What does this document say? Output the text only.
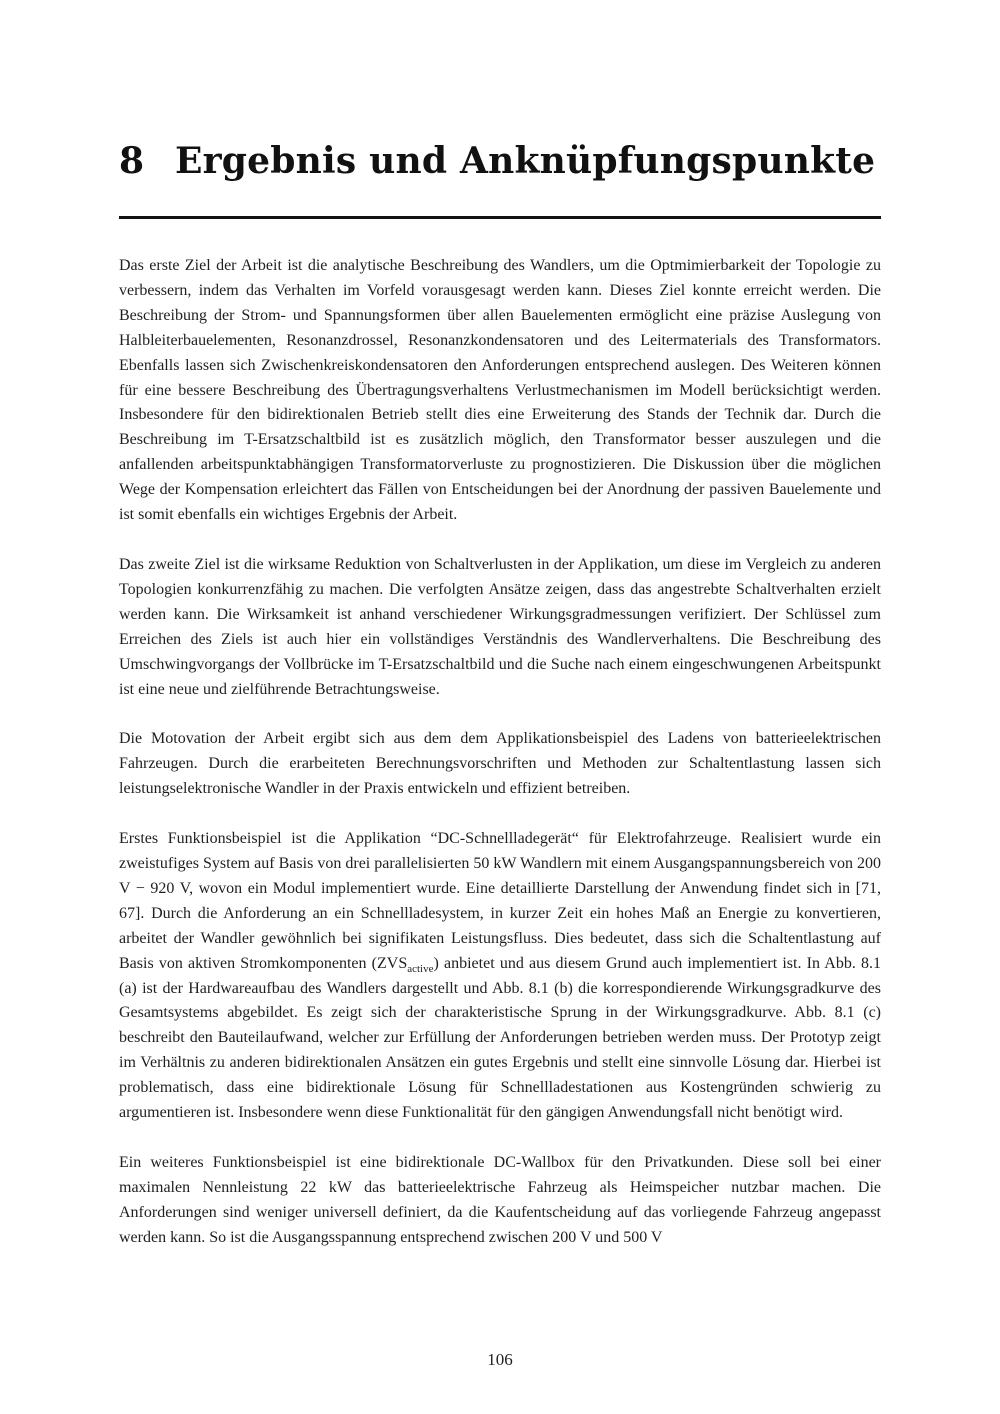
8 Ergebnis und Anknüpfungspunkte

Das erste Ziel der Arbeit ist die analytische Beschreibung des Wandlers, um die Optmimierbarkeit der Topologie zu verbessern, indem das Verhalten im Vorfeld vorausgesagt werden kann. Dieses Ziel konnte erreicht werden. Die Beschreibung der Strom- und Spannungsformen über allen Bauelementen ermöglicht eine präzise Auslegung von Halbleiterbauelementen, Resonanzdrossel, Resonanzkondensatoren und des Leitermaterials des Transformators. Ebenfalls lassen sich Zwischenkreiskondensatoren den Anforderungen entsprechend auslegen. Des Weiteren können für eine bessere Beschreibung des Übertragungsverhaltens Verlustmechanismen im Modell berücksichtigt werden. Insbesondere für den bidirektionalen Betrieb stellt dies eine Erweiterung des Stands der Technik dar. Durch die Beschreibung im T-Ersatzschaltbild ist es zusätzlich möglich, den Transformator besser auszulegen und die anfallenden arbeitspunktabhängigen Transformatorverluste zu prognostizieren. Die Diskussion über die möglichen Wege der Kompensation erleichtert das Fällen von Entscheidungen bei der Anordnung der passiven Bauelemente und ist somit ebenfalls ein wichtiges Ergebnis der Arbeit.

Das zweite Ziel ist die wirksame Reduktion von Schaltverlusten in der Applikation, um diese im Vergleich zu anderen Topologien konkurrenzfähig zu machen. Die verfolgten Ansätze zeigen, dass das angestrebte Schaltverhalten erzielt werden kann. Die Wirksamkeit ist anhand verschiedener Wirkungsgradmessungen verifiziert. Der Schlüssel zum Erreichen des Ziels ist auch hier ein vollständiges Verständnis des Wandlerverhaltens. Die Beschreibung des Umschwingvorgangs der Vollbrücke im T-Ersatzschaltbild und die Suche nach einem eingeschwungenen Arbeitspunkt ist eine neue und zielführende Betrachtungsweise.

Die Motovation der Arbeit ergibt sich aus dem dem Applikationsbeispiel des Ladens von batterieelektrischen Fahrzeugen. Durch die erarbeiteten Berechnungsvorschriften und Methoden zur Schaltentlastung lassen sich leistungselektronische Wandler in der Praxis entwickeln und effizient betreiben.

Erstes Funktionsbeispiel ist die Applikation “DC-Schnellladegerät“ für Elektrofahrzeuge. Realisiert wurde ein zweistufiges System auf Basis von drei parallelisierten 50 kW Wandlern mit einem Ausgangspannungsbereich von 200 V − 920 V, wovon ein Modul implementiert wurde. Eine detaillierte Darstellung der Anwendung findet sich in [71, 67]. Durch die Anforderung an ein Schnellladesystem, in kurzer Zeit ein hohes Maß an Energie zu konvertieren, arbeitet der Wandler gewöhnlich bei signifikaten Leistungsfluss. Dies bedeutet, dass sich die Schaltentlastung auf Basis von aktiven Stromkomponenten $(ZVS_{active})$ anbietet und aus diesem Grund auch implementiert ist. In Abb. 8.1 (a) ist der Hardwareaufbau des Wandlers dargestellt und Abb. 8.1 (b) die korrespondierende Wirkungsgradkurve des Gesamtsystems abgebildet. Es zeigt sich der charakteristische Sprung in der Wirkungsgradkurve. Abb. 8.1 (c) beschreibt den Bauteilaufwand, welcher zur Erfüllung der Anforderungen betrieben werden muss. Der Prototyp zeigt im Verhältnis zu anderen bidirektionalen Ansätzen ein gutes Ergebnis und stellt eine sinnvolle Lösung dar. Hierbei ist problematisch, dass eine bidirektionale Lösung für Schnellladestationen aus Kostengründen schwierig zu argumentieren ist. Insbesondere wenn diese Funktionalität für den gängigen Anwendungsfall nicht benötigt wird.

Ein weiteres Funktionsbeispiel ist eine bidirektionale DC-Wallbox für den Privatkunden. Diese soll bei einer maximalen Nennleistung 22 kW das batterieelektrische Fahrzeug als Heimspeicher nutzbar machen. Die Anforderungen sind weniger universell definiert, da die Kaufentscheidung auf das vorliegende Fahrzeug angepasst werden kann. So ist die Ausgangsspannung entsprechend zwischen 200 V und 500 V

106
